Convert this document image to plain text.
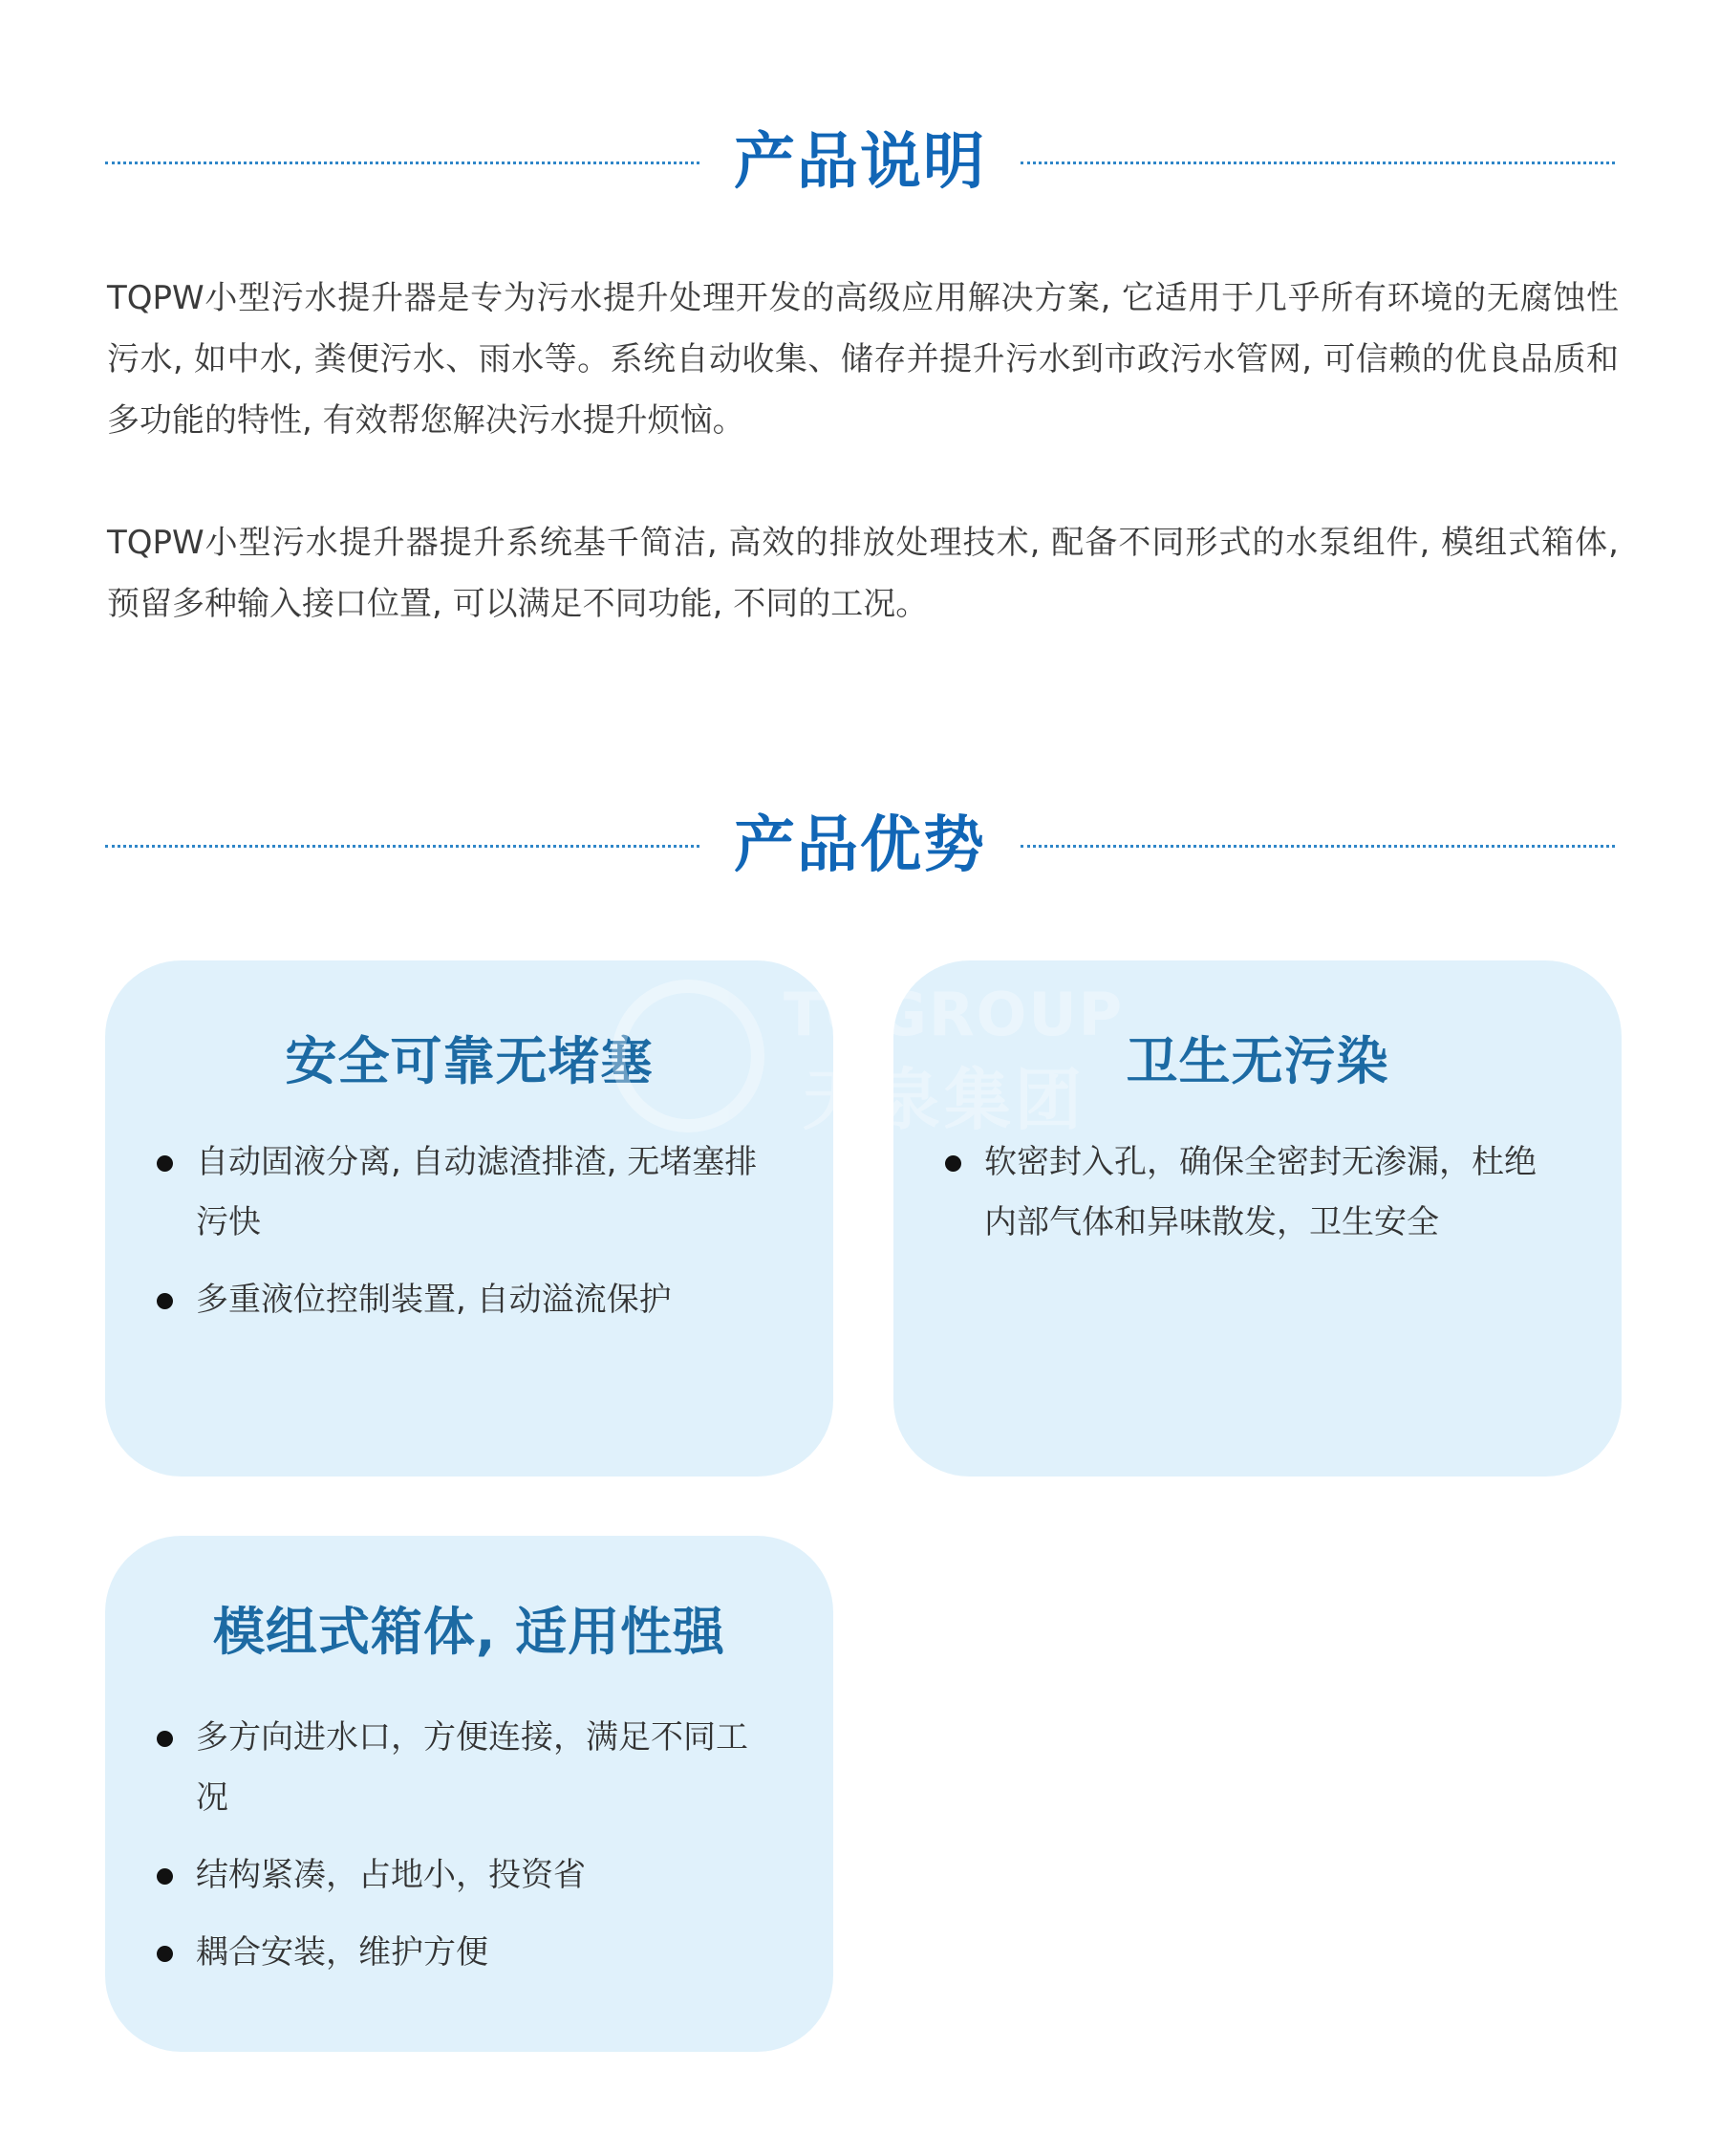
产品说明

TQPW小型污水提升器是专为污水提升处理开发的高级应用解决方案, 它适用于几乎所有环境的无腐蚀性污水, 如中水, 粪便污水、雨水等。系统自动收集、储存并提升污水到市政污水管网, 可信赖的优良品质和多功能的特性, 有效帮您解决污水提升烦恼。

TQPW小型污水提升器提升系统基千简洁, 高效的排放处理技术, 配备不同形式的水泵组件, 模组式箱体, 预留多种输入接口位置, 可以满足不同功能, 不同的工况。

产品优势
安全可靠无堵塞
自动固液分离, 自动滤渣排渣, 无堵塞排污快
多重液位控制装置, 自动溢流保护
卫生无污染
软密封入孔，确保全密封无渗漏，杜绝内部气体和异味散发，卫生安全
模组式箱体, 适用性强
多方向进水口，方便连接，满足不同工况
结构紧凑，占地小，投资省
耦合安装，维护方便
TQGROUP
天泉集团
